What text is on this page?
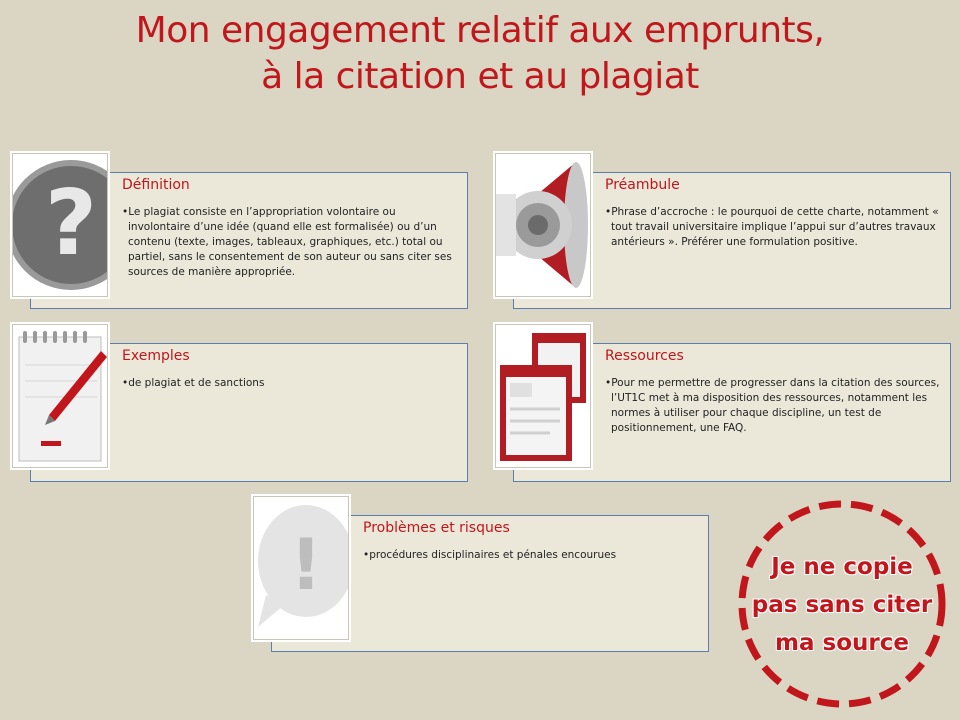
Mon engagement relatif aux emprunts,
à la citation et au plagiat
Définition
•Le plagiat consiste en l’appropriation volontaire ou involontaire d’une idée (quand elle est formalisée) ou d’un contenu (texte, images, tableaux, graphiques, etc.) total ou partiel, sans le consentement de son auteur ou sans citer ses sources de manière appropriée.
?	Préambule
•Phrase d’accroche : le pourquoi de cette charte, notamment « tout travail universitaire implique l’appui sur d’autres travaux antérieurs ». Préférer une formulation positive.
Exemples
•de plagiat et de sanctions
Ressources
•Pour me permettre de progresser dans la citation des sources, l’UT1C met à ma disposition des ressources, notamment les normes à utiliser pour chaque discipline, un test de positionnement, une FAQ.
Problèmes et risques
•procédures disciplinaires et pénales encourues
!	Je ne copie
pas sans citer
ma source
